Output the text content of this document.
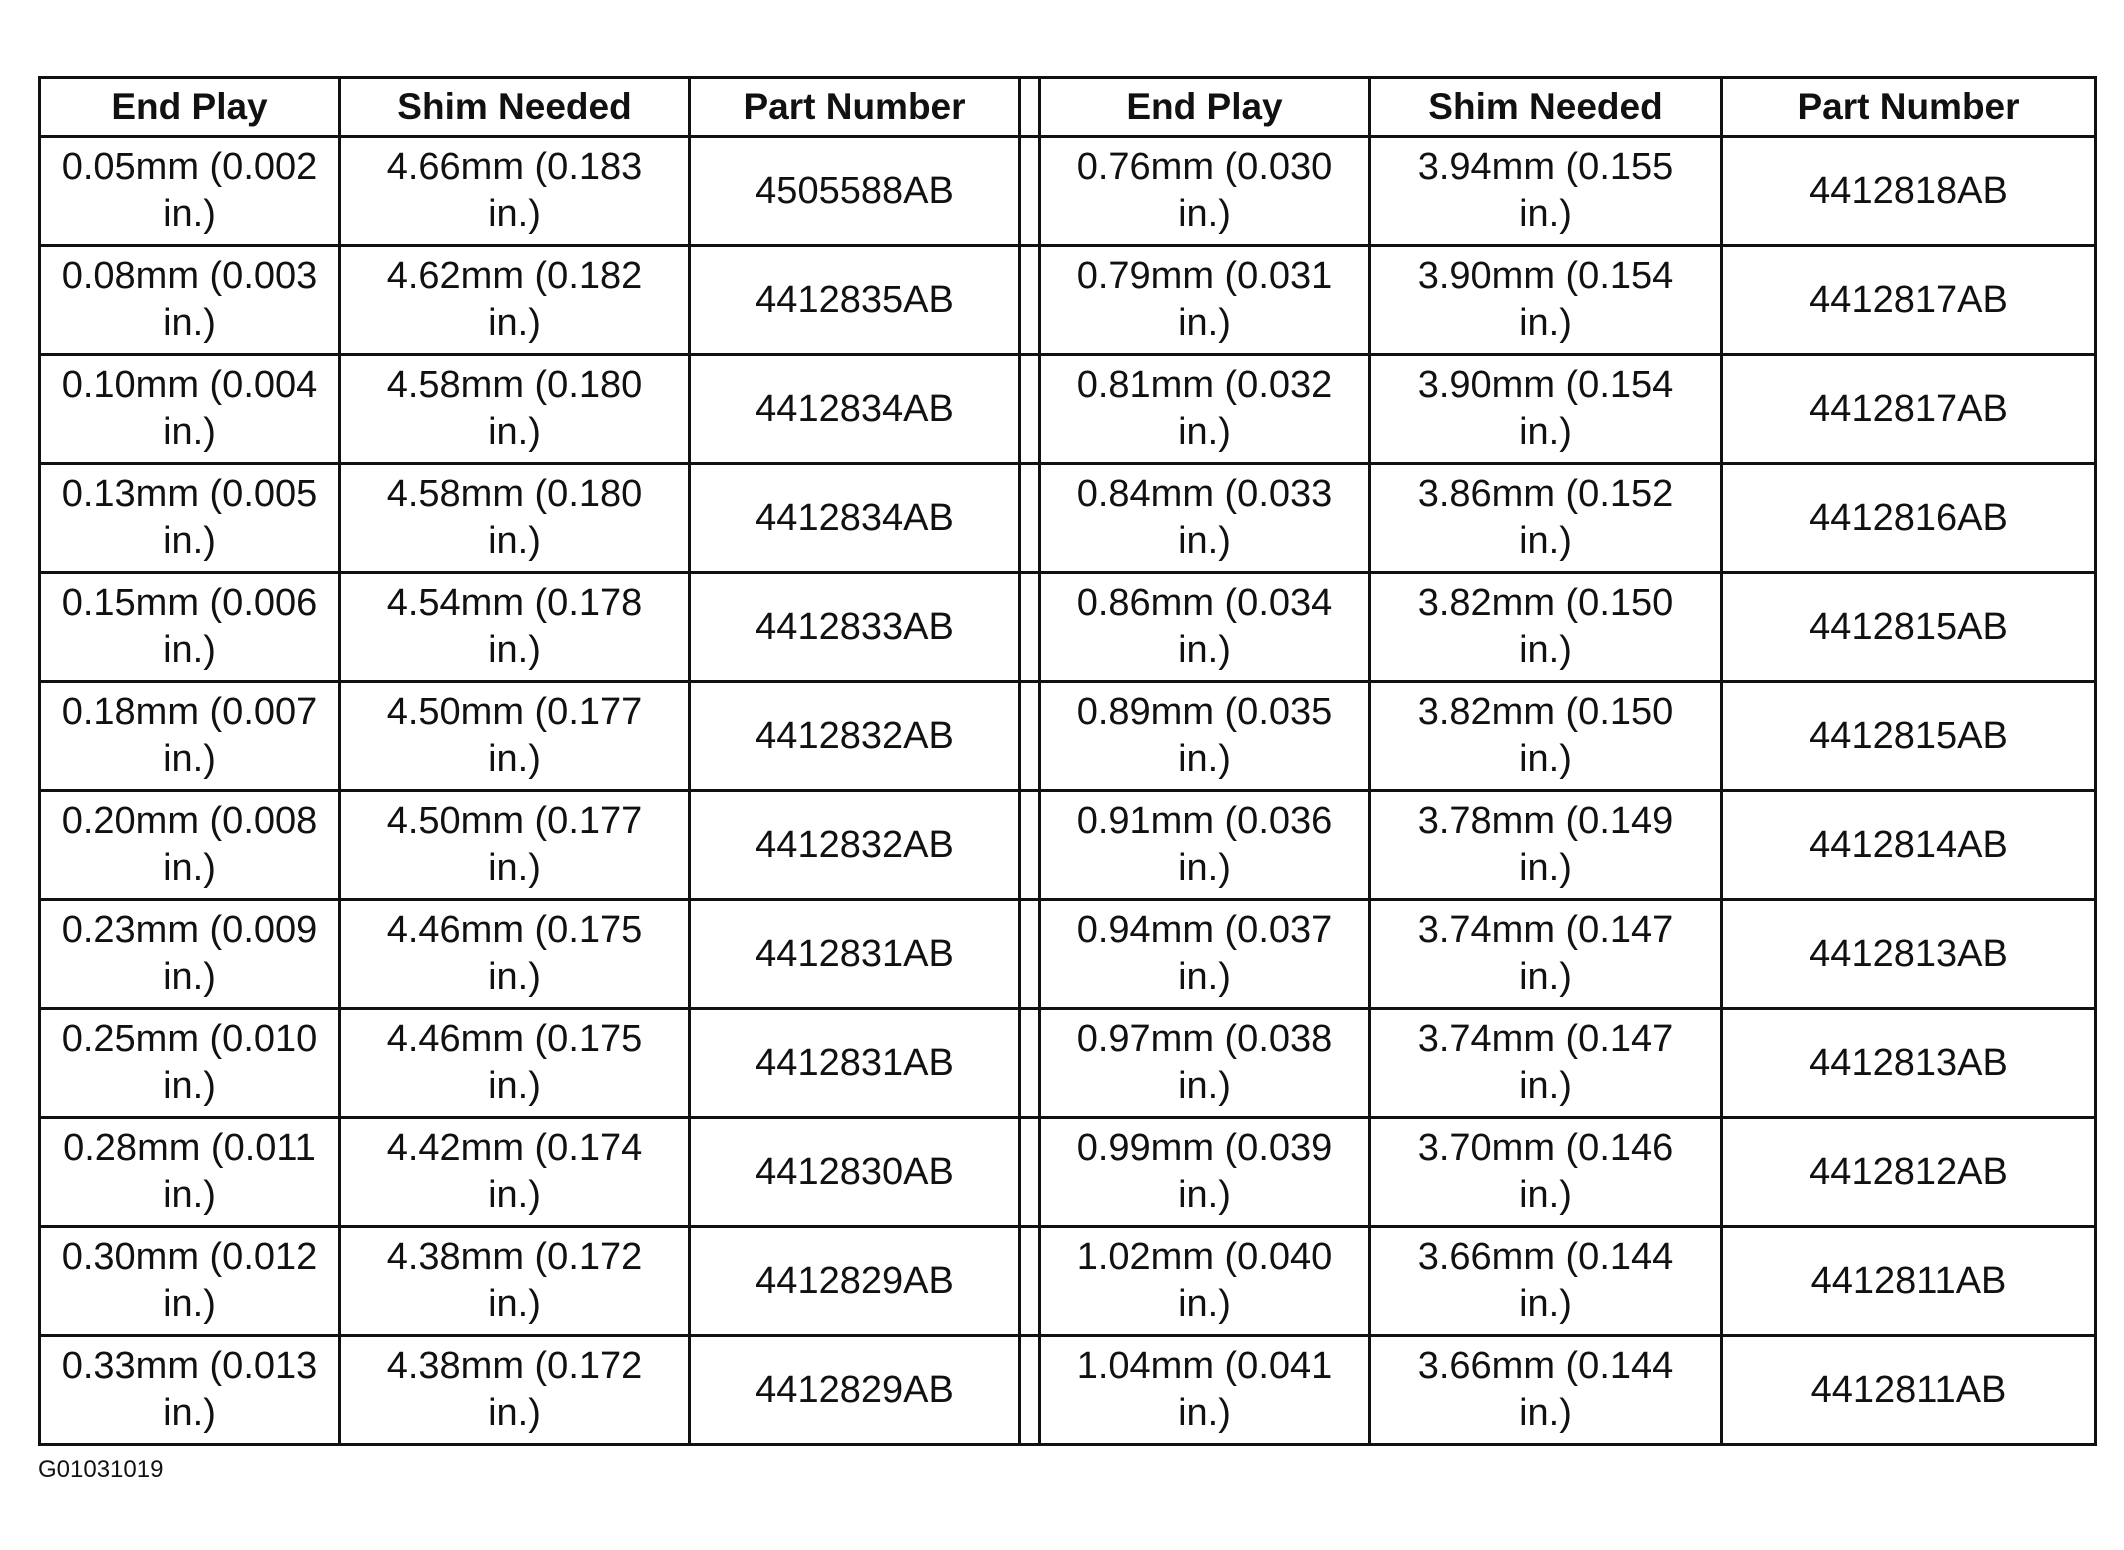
End Play	Shim Needed	Part Number		End Play	Shim Needed	Part Number

0.05mm (0.002
in.)	4.66mm (0.183
in.)	4505588AB		0.76mm (0.030
in.)	3.94mm (0.155
in.)	4412818AB

0.08mm (0.003
in.)	4.62mm (0.182
in.)	4412835AB		0.79mm (0.031
in.)	3.90mm (0.154
in.)	4412817AB

0.10mm (0.004
in.)	4.58mm (0.180
in.)	4412834AB		0.81mm (0.032
in.)	3.90mm (0.154
in.)	4412817AB

0.13mm (0.005
in.)	4.58mm (0.180
in.)	4412834AB		0.84mm (0.033
in.)	3.86mm (0.152
in.)	4412816AB

0.15mm (0.006
in.)	4.54mm (0.178
in.)	4412833AB		0.86mm (0.034
in.)	3.82mm (0.150
in.)	4412815AB

0.18mm (0.007
in.)	4.50mm (0.177
in.)	4412832AB		0.89mm (0.035
in.)	3.82mm (0.150
in.)	4412815AB

0.20mm (0.008
in.)	4.50mm (0.177
in.)	4412832AB		0.91mm (0.036
in.)	3.78mm (0.149
in.)	4412814AB

0.23mm (0.009
in.)	4.46mm (0.175
in.)	4412831AB		0.94mm (0.037
in.)	3.74mm (0.147
in.)	4412813AB

0.25mm (0.010
in.)	4.46mm (0.175
in.)	4412831AB		0.97mm (0.038
in.)	3.74mm (0.147
in.)	4412813AB

0.28mm (0.011
in.)	4.42mm (0.174
in.)	4412830AB		0.99mm (0.039
in.)	3.70mm (0.146
in.)	4412812AB

0.30mm (0.012
in.)	4.38mm (0.172
in.)	4412829AB		1.02mm (0.040
in.)	3.66mm (0.144
in.)	4412811AB

0.33mm (0.013
in.)	4.38mm (0.172
in.)	4412829AB		1.04mm (0.041
in.)	3.66mm (0.144
in.)	4412811AB
G01031019
